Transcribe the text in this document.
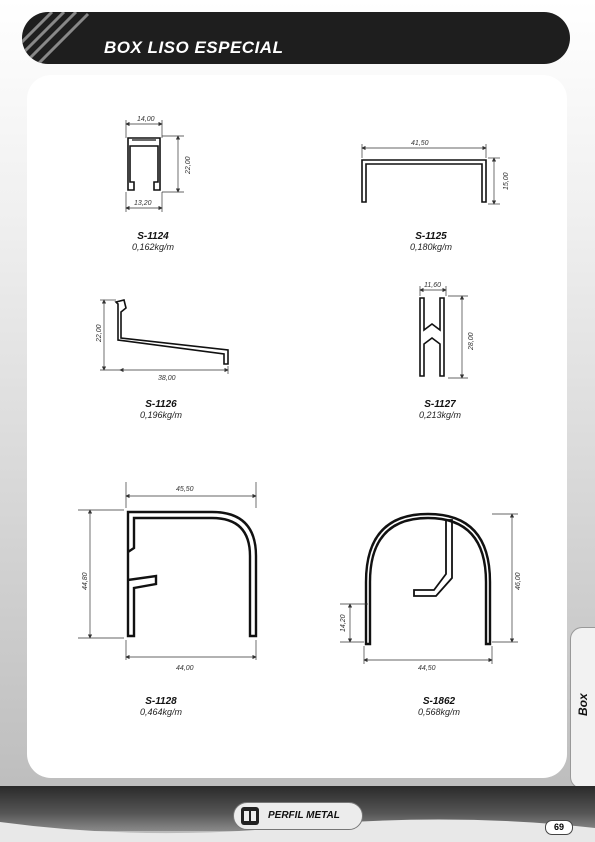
BOX LISO ESPECIAL
Box
14,00
22,00
13,20
41,50
15,00
22,00
38,00
11,60
28,00
45,50
44,80
44,00
46,00
14,20
44,50
S-1124
0,162kg/m
S-1125
0,180kg/m
S-1126
0,196kg/m
S-1127
0,213kg/m
S-1128
0,464kg/m
S-1862
0,568kg/m
PERFIL METAL
69
